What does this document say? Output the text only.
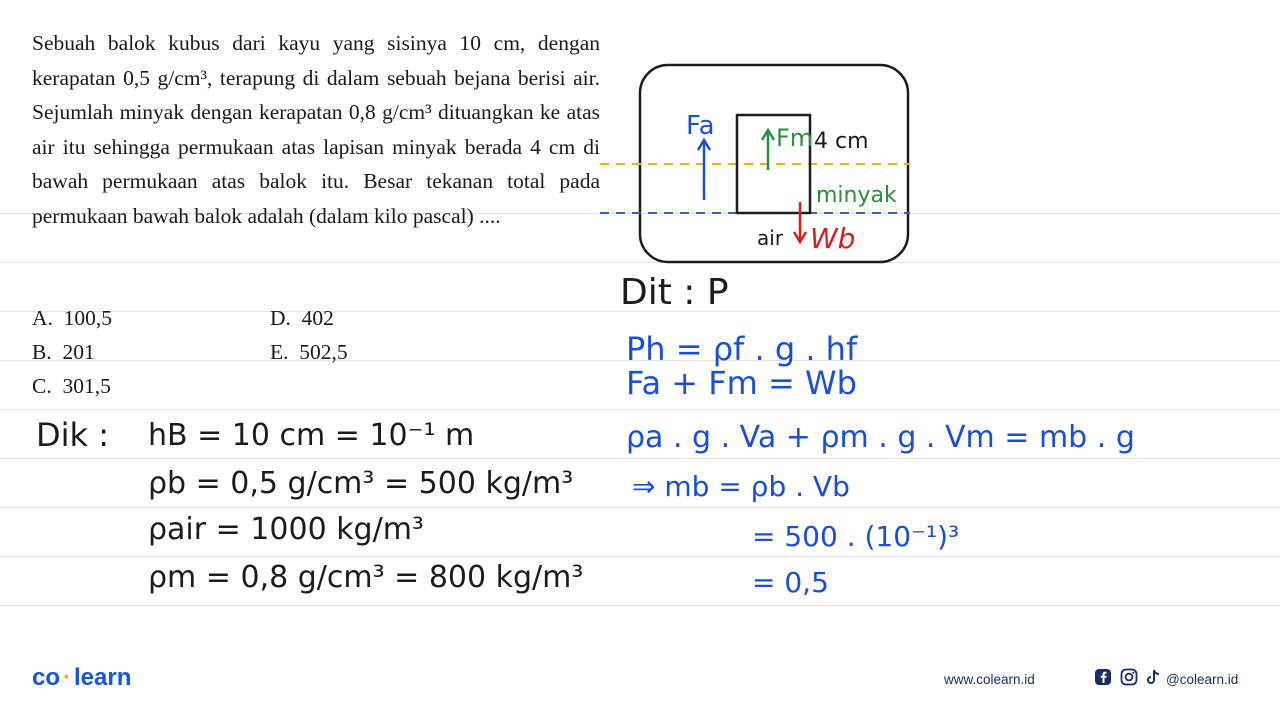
Sebuah balok kubus dari kayu yang sisinya 10 cm, dengan kerapatan 0,5 g/cm³, terapung di dalam sebuah bejana berisi air. Sejumlah minyak dengan kerapatan 0,8 g/cm³ dituangkan ke atas air itu sehingga permukaan atas lapisan minyak berada 4 cm di bawah permukaan atas balok itu. Besar tekanan total pada permukaan bawah balok adalah (dalam kilo pascal) ....

A. 100,5
B. 201
C. 301,5
D. 402
E. 502,5
Fa	Fm 4 cm
minyak
air Wb
Dit : P
Ph = ρf . g . hf
Fa + Fm = Wb
ρa . g . Va + ρm . g . Vm = mb . g
⇒ mb = ρb . Vb
= 500 . (10⁻¹)³
= 0,5
Dik : hB = 10 cm = 10⁻¹ m
ρb = 0,5 g/cm³ = 500 kg/m³
ρair = 1000 kg/m³
ρm = 0,8 g/cm³ = 800 kg/m³
co · learn	www.colearn.id	@colearn.id
